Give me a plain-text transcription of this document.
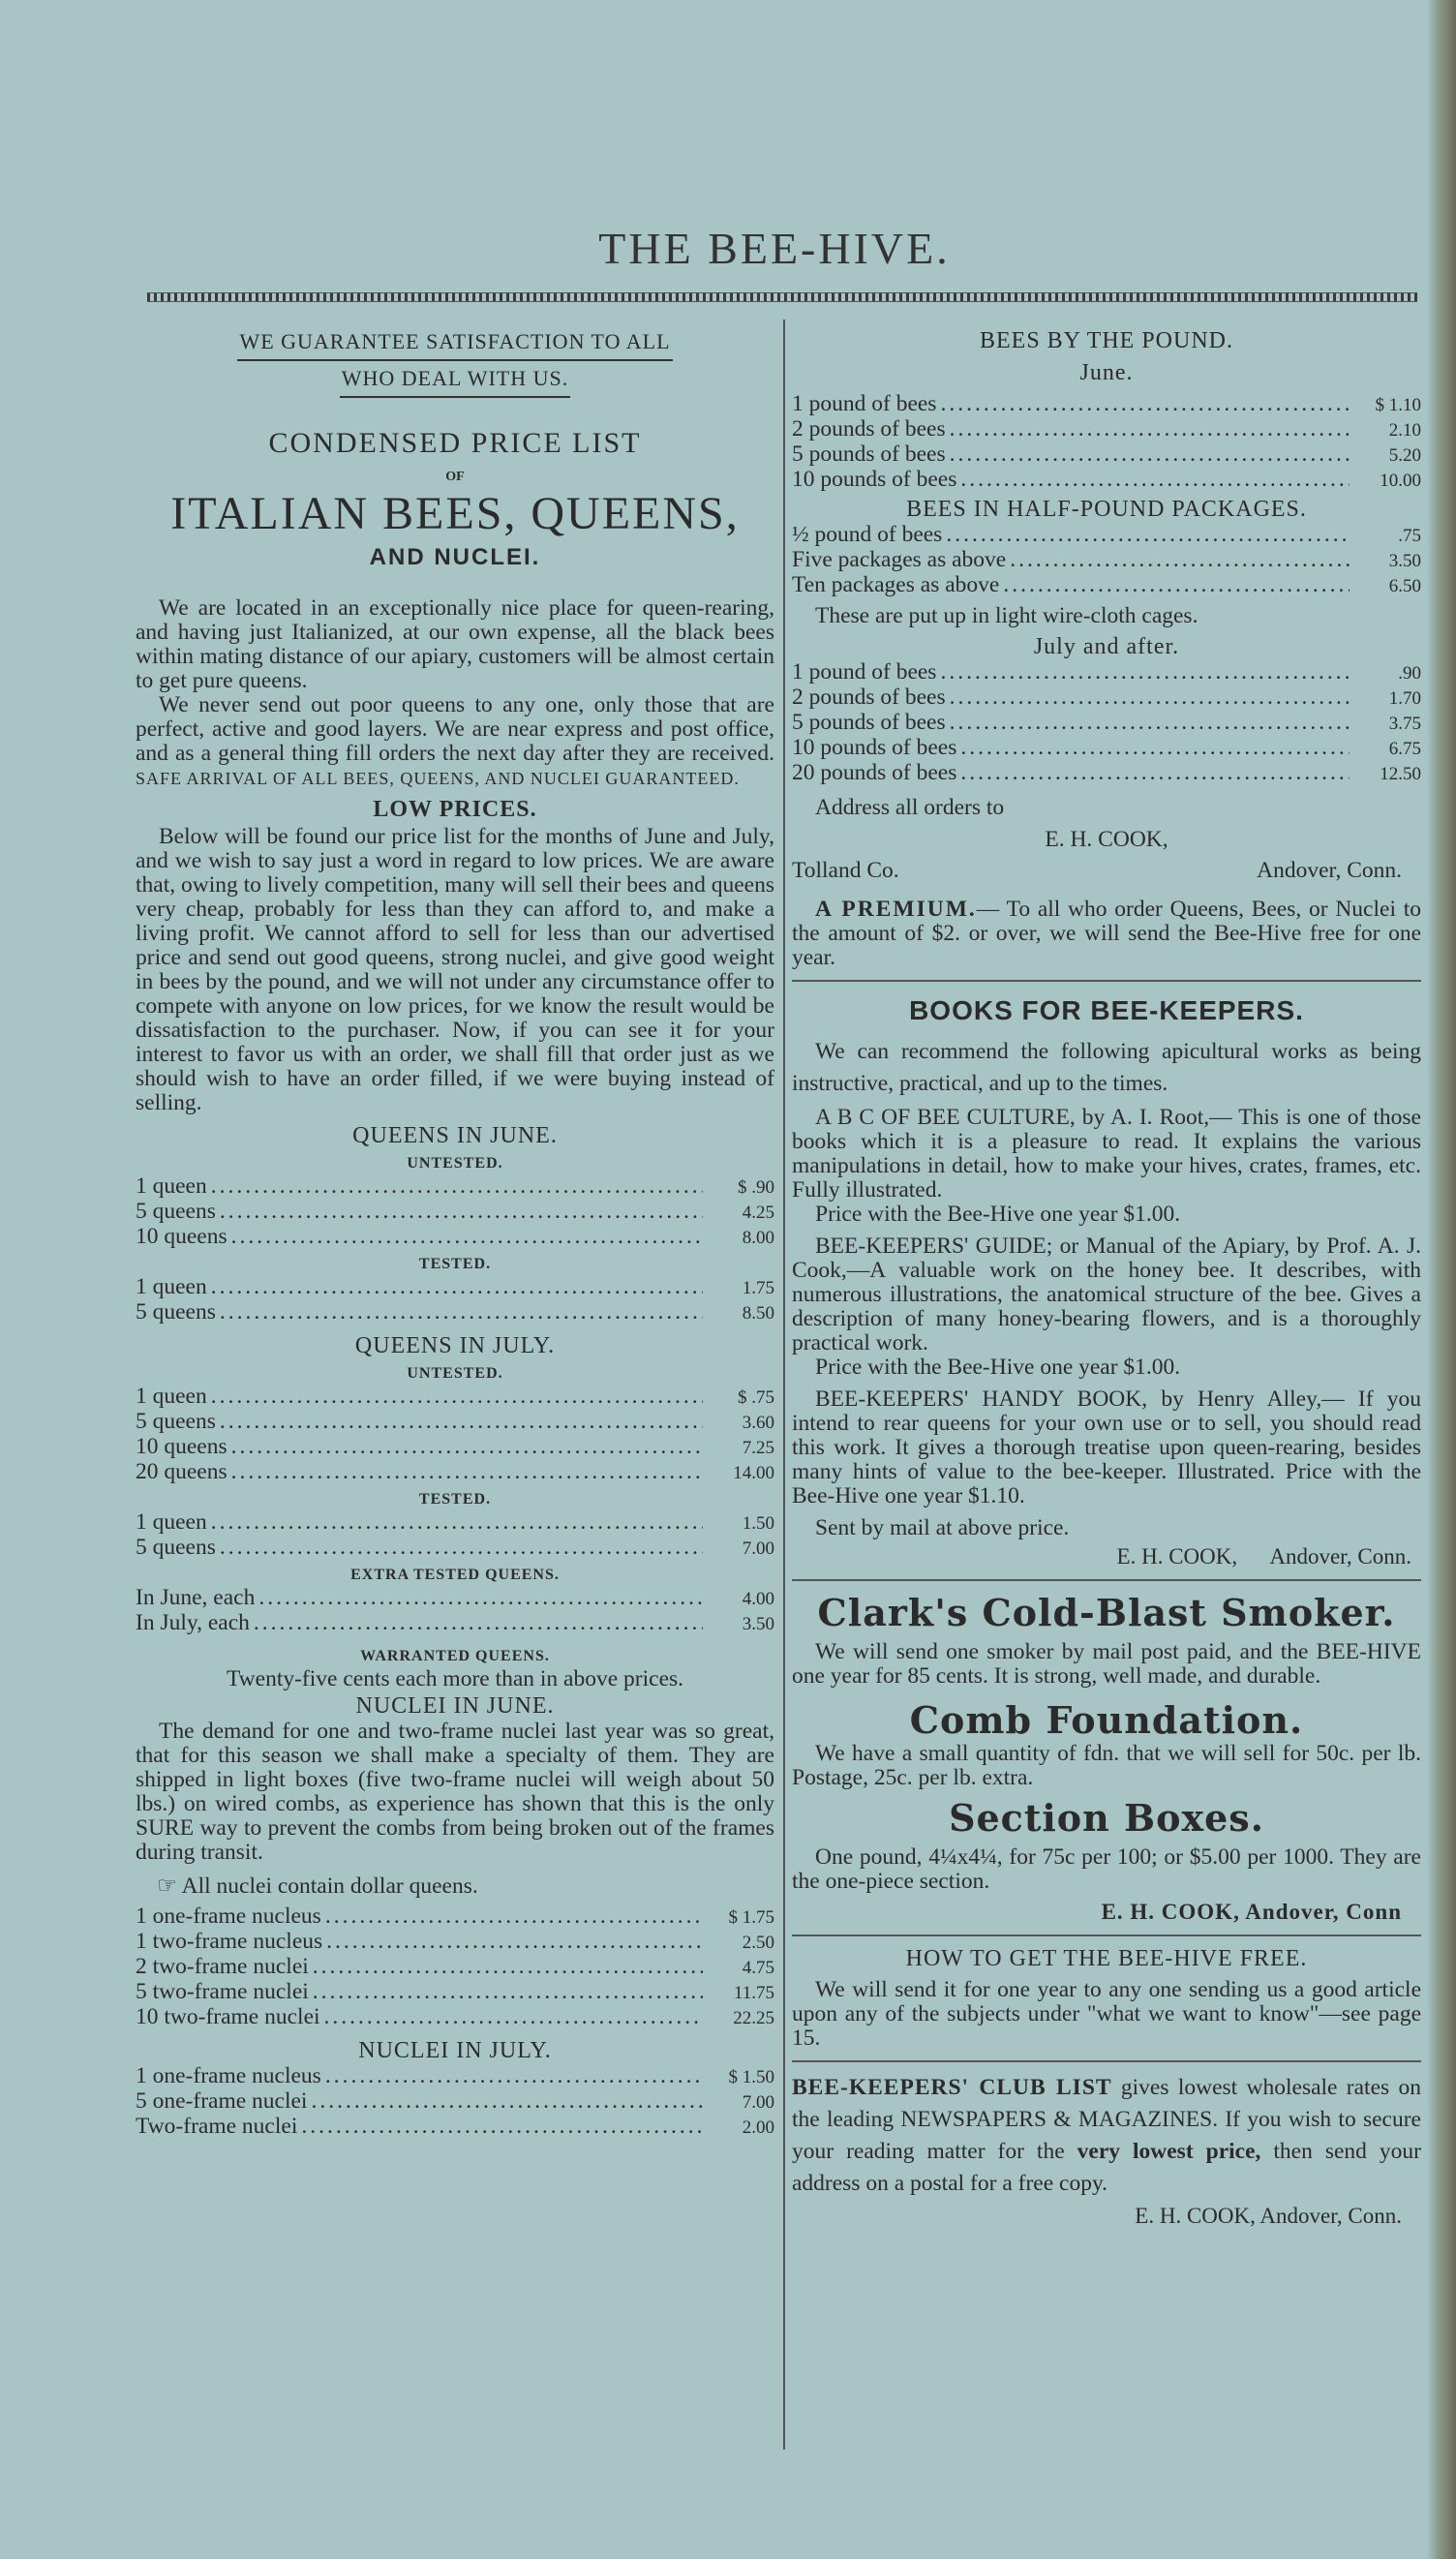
THE BEE-HIVE.
WE GUARANTEE SATISFACTION TO ALL
WHO DEAL WITH US.
CONDENSED PRICE LIST
OF
ITALIAN BEES, QUEENS,
AND NUCLEI.

We are located in an exceptionally nice place for queen-rearing, and having just Italianized, at our own expense, all the black bees within mating distance of our apiary, customers will be almost certain to get pure queens.

We never send out poor queens to any one, only those that are perfect, active and good layers. We are near express and post office, and as a general thing fill orders the next day after they are received. SAFE ARRIVAL OF ALL BEES, QUEENS, AND NUCLEI GUARANTEED.

LOW PRICES.

Below will be found our price list for the months of June and July, and we wish to say just a word in regard to low prices. We are aware that, owing to lively competition, many will sell their bees and queens very cheap, probably for less than they can afford to, and make a living profit. We cannot afford to sell for less than our advertised price and send out good queens, strong nuclei, and give good weight in bees by the pound, and we will not under any circumstance offer to compete with anyone on low prices, for we know the result would be dissatisfaction to the purchaser. Now, if you can see it for your interest to favor us with an order, we shall fill that order just as we should wish to have an order filled, if we were buying instead of selling.

QUEENS IN JUNE.
UNTESTED.
1 queen .....	$ .90
5 queens .....	4.25
10 queens .....	8.00
TESTED.
1 queen .....	1.75
5 queens .....	8.50
QUEENS IN JULY.
UNTESTED.
1 queen .....	$ .75
5 queens .....	3.60
10 queens .....	7.25
20 queens .....	14.00
TESTED.
1 queen .....	1.50
5 queens .....	7.00
EXTRA TESTED QUEENS.
In June, each .....	4.00
In July, each .....	3.50
WARRANTED QUEENS.

Twenty-five cents each more than in above prices.

NUCLEI IN JUNE.

The demand for one and two-frame nuclei last year was so great, that for this season we shall make a specialty of them. They are shipped in light boxes (five two-frame nuclei will weigh about 50 lbs.) on wired combs, as experience has shown that this is the only SURE way to prevent the combs from being broken out of the frames during transit.

☞ All nuclei contain dollar queens.

1 one-frame nucleus .....	$ 1.75
1 two-frame nucleus .....	2.50
2 two-frame nuclei .....	4.75
5 two-frame nuclei .....	11.75
10 two-frame nuclei .....	22.25
NUCLEI IN JULY.
1 one-frame nucleus .....	$ 1.50
5 one-frame nuclei .....	7.00
Two-frame nuclei .....	2.00
BEES BY THE POUND.
June.
1 pound of bees .....	$ 1.10
2 pounds of bees .....	2.10
5 pounds of bees .....	5.20
10 pounds of bees .....	10.00
BEES IN HALF-POUND PACKAGES.
½ pound of bees .....	.75
Five packages as above .....	3.50
Ten packages as above .....	6.50

These are put up in light wire-cloth cages.

July and after.
1 pound of bees .....	.90
2 pounds of bees .....	1.70
5 pounds of bees .....	3.75
10 pounds of bees .....	6.75
20 pounds of bees .....	12.50

Address all orders to

E. H. COOK,

Tolland Co.	Andover, Conn.

A PREMIUM.— To all who order Queens, Bees, or Nuclei to the amount of $2. or over, we will send the Bee-Hive free for one year.

BOOKS FOR BEE-KEEPERS.

We can recommend the following apicultural works as being instructive, practical, and up to the times.

A B C OF BEE CULTURE, by A. I. Root,— This is one of those books which it is a pleasure to read. It explains the various manipulations in detail, how to make your hives, crates, frames, etc. Fully illustrated.

Price with the Bee-Hive one year $1.00.

BEE-KEEPERS' GUIDE; or Manual of the Apiary, by Prof. A. J. Cook,—A valuable work on the honey bee. It describes, with numerous illustrations, the anatomical structure of the bee. Gives a description of many honey-bearing flowers, and is a thoroughly practical work.

Price with the Bee-Hive one year $1.00.

BEE-KEEPERS' HANDY BOOK, by Henry Alley,— If you intend to rear queens for your own use or to sell, you should read this work. It gives a thorough treatise upon queen-rearing, besides many hints of value to the bee-keeper. Illustrated. Price with the Bee-Hive one year $1.10.

Sent by mail at above price.

E. H. COOK,      Andover, Conn.
Clark's Cold-Blast Smoker.

We will send one smoker by mail post paid, and the BEE-HIVE one year for 85 cents. It is strong, well made, and durable.

Comb Foundation.

We have a small quantity of fdn. that we will sell for 50c. per lb. Postage, 25c. per lb. extra.

Section Boxes.

One pound, 4¼x4¼, for 75c per 100; or $5.00 per 1000. They are the one-piece section.

E. H. COOK, Andover, Conn
HOW TO GET THE BEE-HIVE FREE.

We will send it for one year to any one sending us a good article upon any of the subjects under "what we want to know"—see page 15.

BEE-KEEPERS' CLUB LIST gives lowest wholesale rates on the leading NEWSPAPERS & MAGAZINES. If you wish to secure your reading matter for the very lowest price, then send your address on a postal for a free copy.

E. H. COOK, Andover, Conn.
